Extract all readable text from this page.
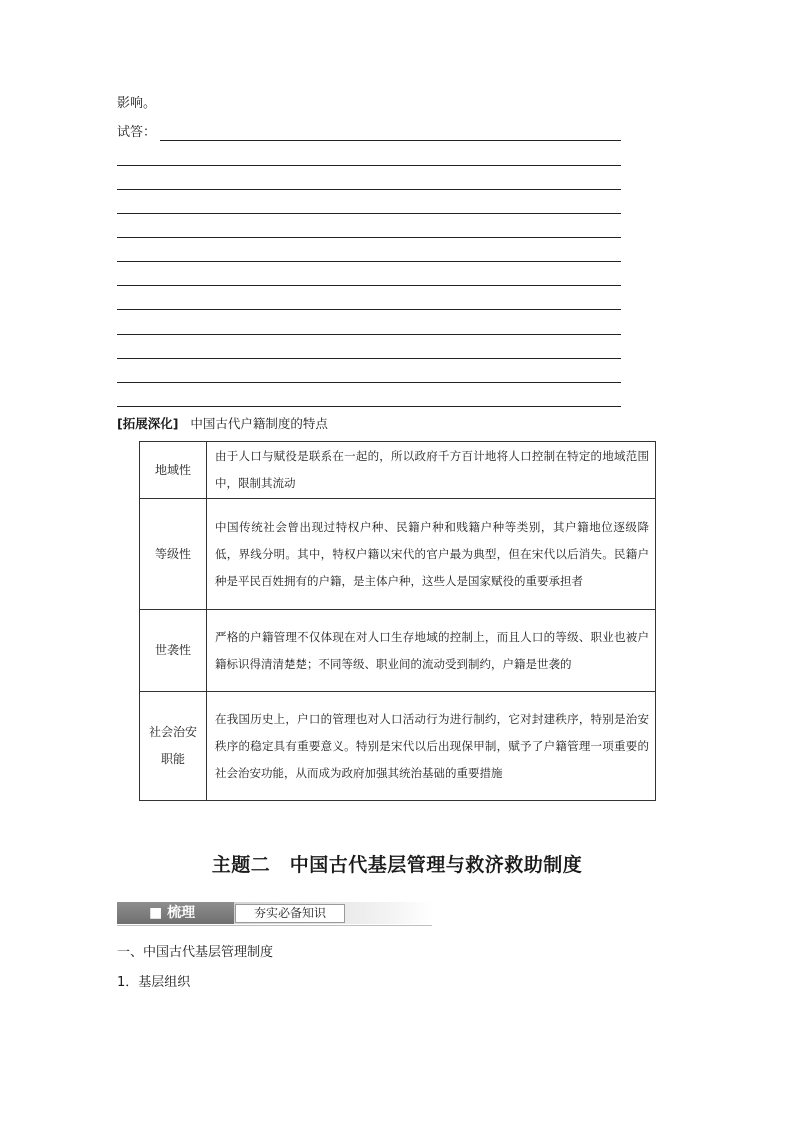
影响。
试答：
[拓展深化] 中国古代户籍制度的特点
地域性	由于人口与赋役是联系在一起的，所以政府千方百计地将人口控制在特定的地域范围中，限制其流动
等级性	中国传统社会曾出现过特权户种、民籍户种和贱籍户种等类别，其户籍地位逐级降低，界线分明。其中，特权户籍以宋代的官户最为典型，但在宋代以后消失。民籍户种是平民百姓拥有的户籍，是主体户种，这些人是国家赋役的重要承担者
世袭性	严格的户籍管理不仅体现在对人口生存地域的控制上，而且人口的等级、职业也被户籍标识得清清楚楚；不同等级、职业间的流动受到制约，户籍是世袭的
社会治安职能	在我国历史上，户口的管理也对人口活动行为进行制约，它对封建秩序，特别是治安秩序的稳定具有重要意义。特别是宋代以后出现保甲制，赋予了户籍管理一项重要的社会治安功能，从而成为政府加强其统治基础的重要措施
主题二　中国古代基层管理与救济救助制度
■ 梳理	夯实必备知识
一、中国古代基层管理制度
1．基层组织
